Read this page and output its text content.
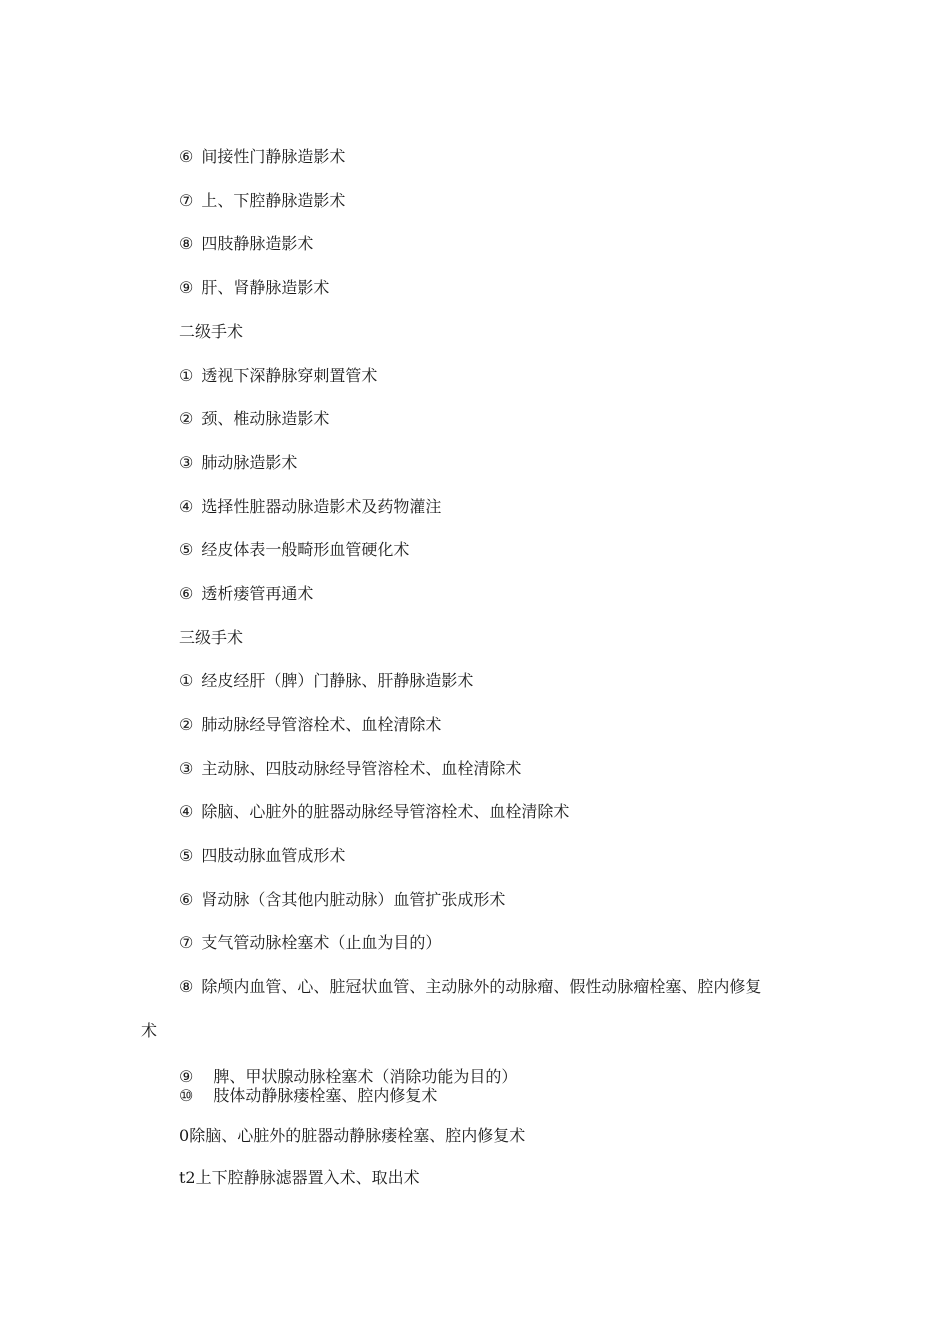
⑥ 间接性门静脉造影术
⑦ 上、下腔静脉造影术
⑧ 四肢静脉造影术
⑨ 肝、肾静脉造影术
二级手术
① 透视下深静脉穿刺置管术
② 颈、椎动脉造影术
③ 肺动脉造影术
④ 选择性脏器动脉造影术及药物灌注
⑤ 经皮体表一般畸形血管硬化术
⑥ 透析瘘管再通术
三级手术
① 经皮经肝（脾）门静脉、肝静脉造影术
② 肺动脉经导管溶栓术、血栓清除术
③ 主动脉、四肢动脉经导管溶栓术、血栓清除术
④ 除脑、心脏外的脏器动脉经导管溶栓术、血栓清除术
⑤ 四肢动脉血管成形术
⑥ 肾动脉（含其他内脏动脉）血管扩张成形术
⑦ 支气管动脉栓塞术（止血为目的）
⑧ 除颅内血管、心、脏冠状血管、主动脉外的动脉瘤、假性动脉瘤栓塞、腔内修复
术
⑨ 脾、甲状腺动脉栓塞术（消除功能为目的）
⑩ 肢体动静脉瘘栓塞、腔内修复术
0除脑、心脏外的脏器动静脉瘘栓塞、腔内修复术
t2上下腔静脉滤器置入术、取出术
